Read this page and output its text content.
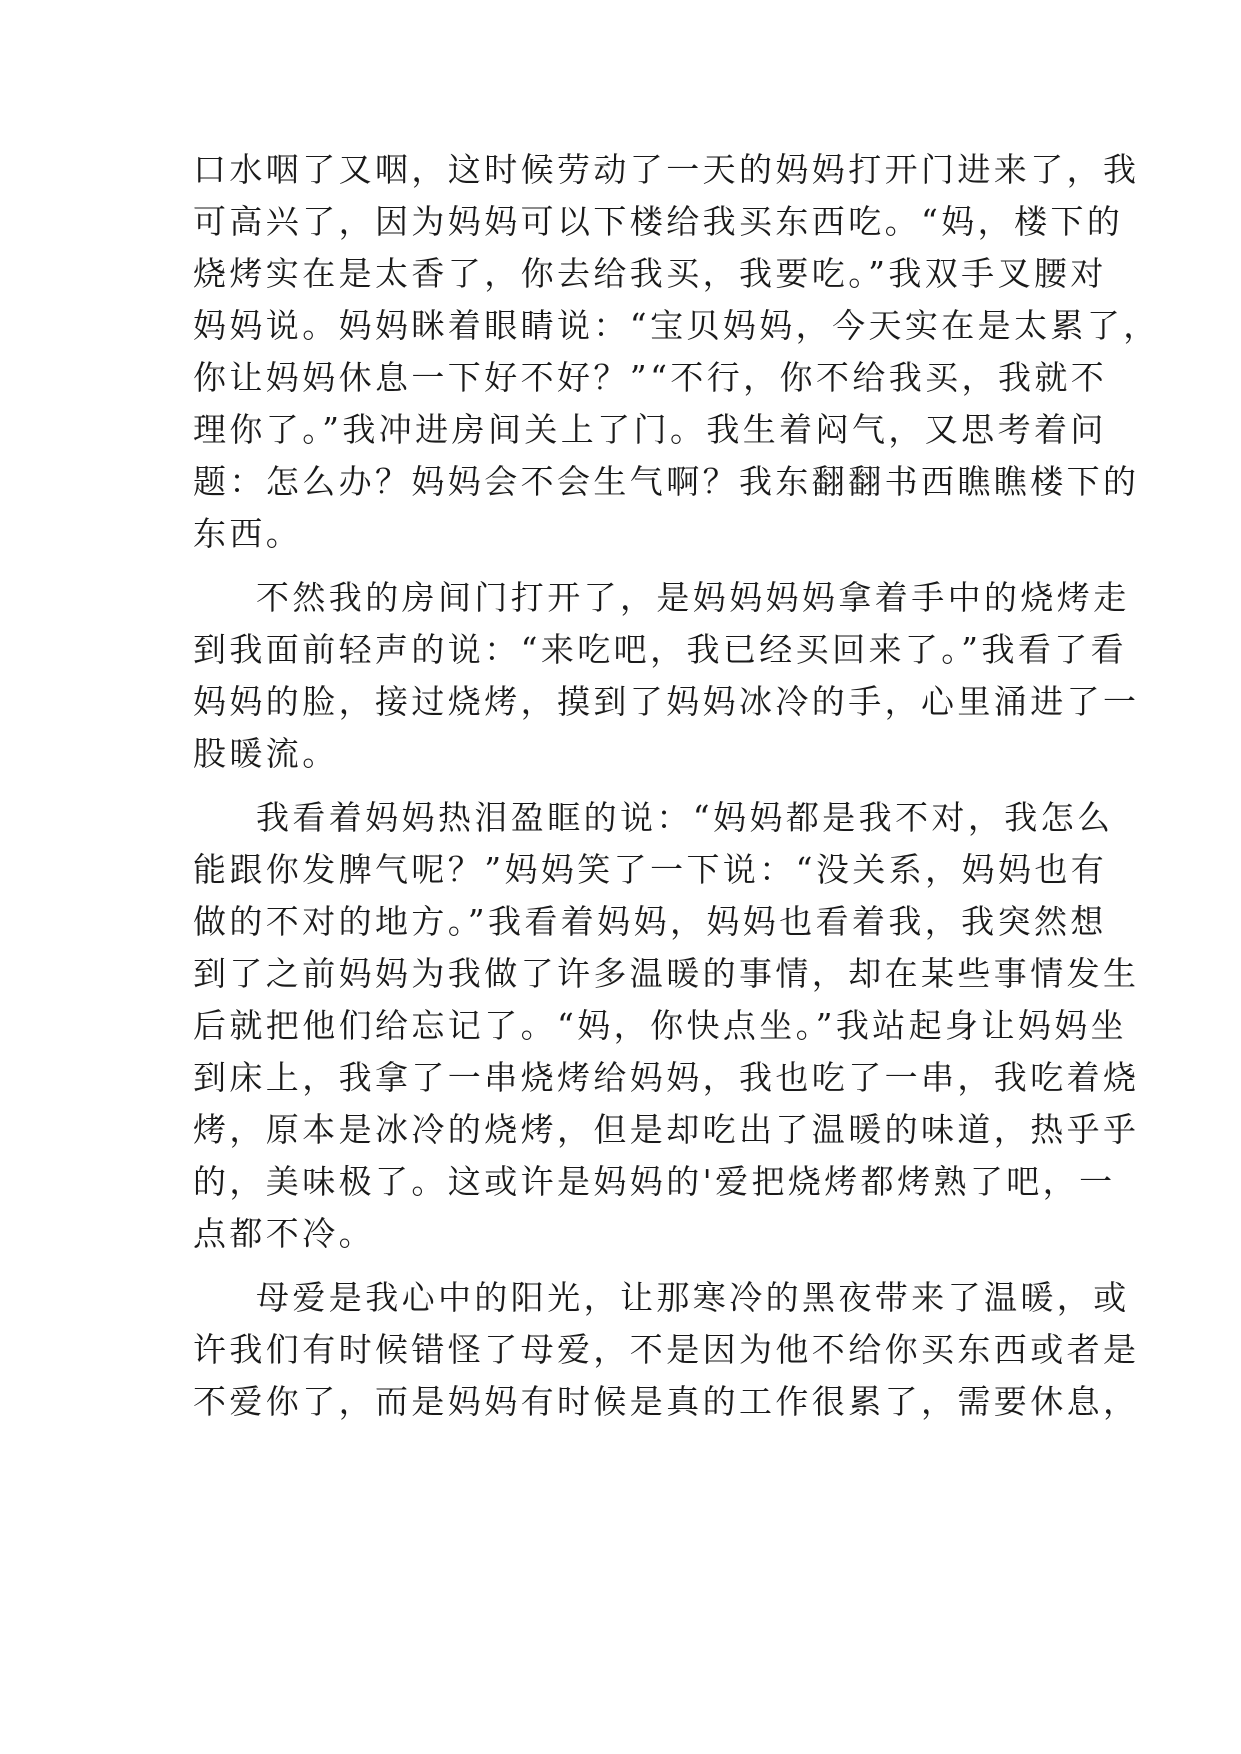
口水咽了又咽，这时候劳动了一天的妈妈打开门进来了，我
可高兴了，因为妈妈可以下楼给我买东西吃。“妈，楼下的
烧烤实在是太香了，你去给我买，我要吃。”我双手叉腰对
妈妈说。妈妈眯着眼睛说：“宝贝妈妈，今天实在是太累了，
你让妈妈休息一下好不好？”“不行，你不给我买，我就不
理你了。”我冲进房间关上了门。我生着闷气，又思考着问
题：怎么办？妈妈会不会生气啊？我东翻翻书西瞧瞧楼下的
东西。
不然我的房间门打开了，是妈妈妈妈拿着手中的烧烤走
到我面前轻声的说：“来吃吧，我已经买回来了。”我看了看
妈妈的脸，接过烧烤，摸到了妈妈冰冷的手，心里涌进了一
股暖流。
我看着妈妈热泪盈眶的说：“妈妈都是我不对，我怎么
能跟你发脾气呢？”妈妈笑了一下说：“没关系，妈妈也有
做的不对的地方。”我看着妈妈，妈妈也看着我，我突然想
到了之前妈妈为我做了许多温暖的事情，却在某些事情发生
后就把他们给忘记了。“妈，你快点坐。”我站起身让妈妈坐
到床上，我拿了一串烧烤给妈妈，我也吃了一串，我吃着烧
烤，原本是冰冷的烧烤，但是却吃出了温暖的味道，热乎乎
的，美味极了。这或许是妈妈的'爱把烧烤都烤熟了吧，一
点都不冷。
母爱是我心中的阳光，让那寒冷的黑夜带来了温暖，或
许我们有时候错怪了母爱，不是因为他不给你买东西或者是
不爱你了，而是妈妈有时候是真的工作很累了，需要休息，
